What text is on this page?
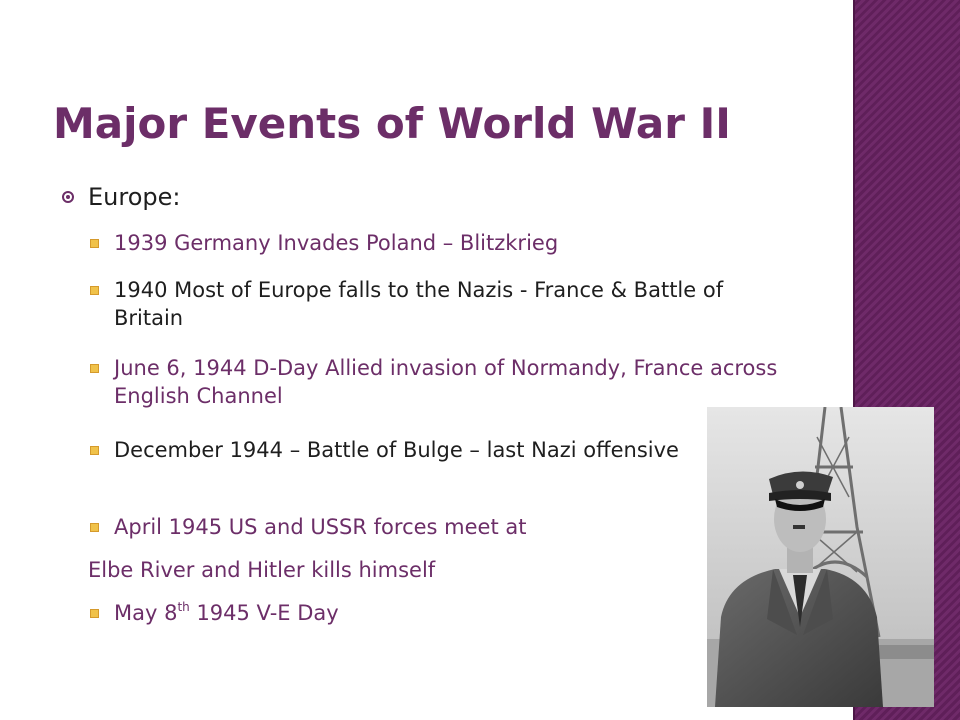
Major Events of World War II
Europe:
1939 Germany Invades Poland – Blitzkrieg
1940 Most of Europe falls to the Nazis - France & Battle of Britain
June 6, 1944 D-Day Allied invasion of Normandy, France across English Channel
December 1944 – Battle of Bulge – last Nazi offensive
April 1945 US and USSR forces meet at
Elbe River and Hitler kills himself
May 8th 1945 V-E Day
